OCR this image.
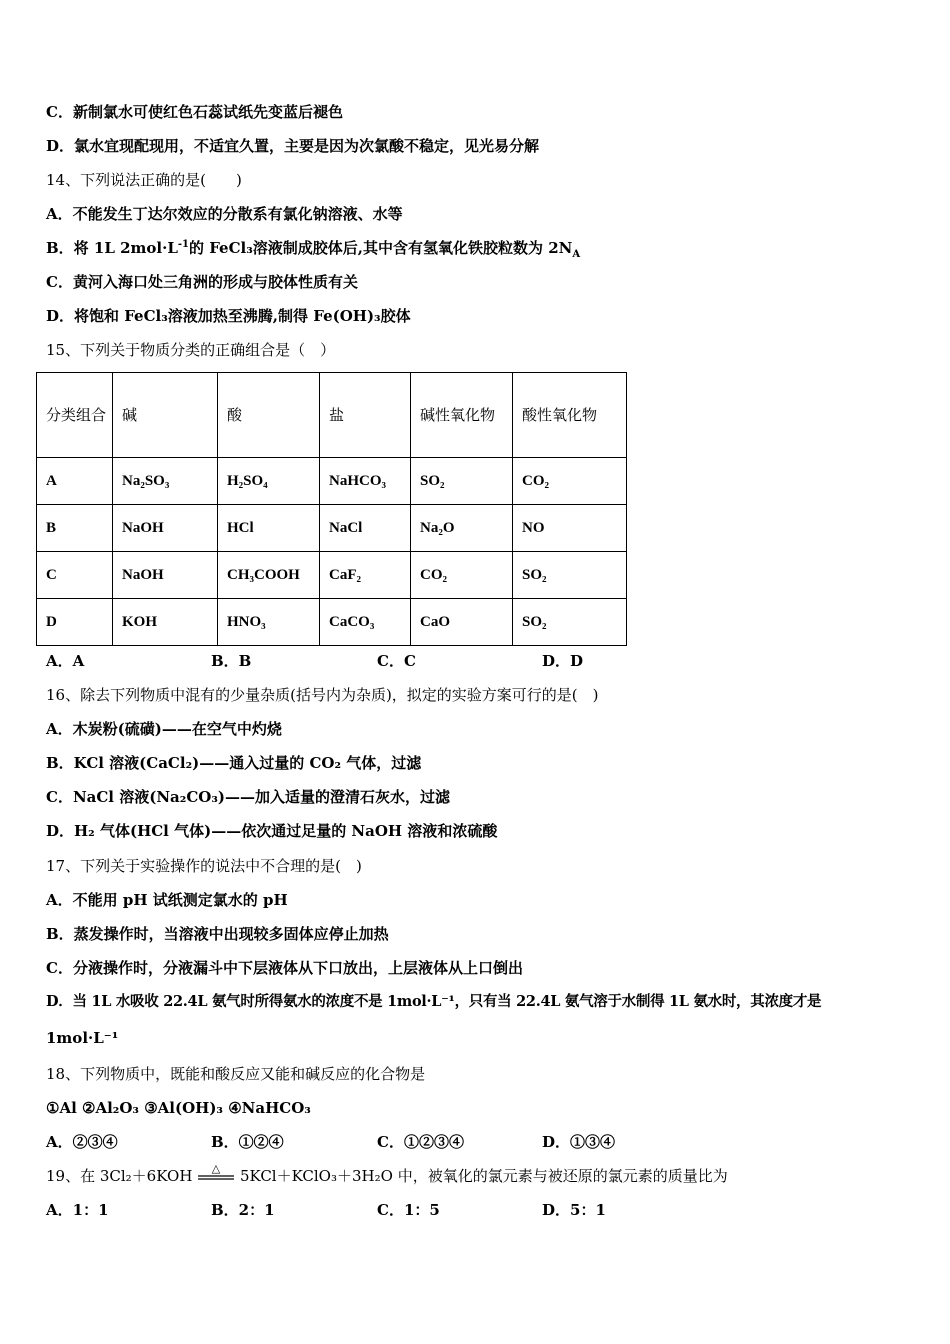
C．新制氯水可使红色石蕊试纸先变蓝后褪色
D．氯水宜现配现用，不适宜久置，主要是因为次氯酸不稳定，见光易分解
14、下列说法正确的是(　　)
A．不能发生丁达尔效应的分散系有氯化钠溶液、水等
B．将 1L $2mol\cdot L^{-1}$的 FeCl₃溶液制成胶体后,其中含有氢氧化铁胶粒数为 $2N_A$
C．黄河入海口处三角洲的形成与胶体性质有关
D．将饱和 FeCl₃溶液加热至沸腾,制得 Fe(OH)₃胶体
15、下列关于物质分类的正确组合是（　）
分类组合	碱	酸	盐	碱性氧化物	酸性氧化物
A	Na₂SO₃	H₂SO₄	NaHCO₃	SO₂	CO₂
B	NaOH	HCl	NaCl	Na₂O	NO
C	NaOH	CH₃COOH	CaF₂	CO₂	SO₂
D	KOH	HNO₃	CaCO₃	CaO	SO₂
A．A	B．B	C．C	D．D
16、除去下列物质中混有的少量杂质(括号内为杂质)，拟定的实验方案可行的是(　)
A．木炭粉(硫磺)——在空气中灼烧
B．KCl 溶液(CaCl₂)——通入过量的 CO₂ 气体，过滤
C．NaCl 溶液(Na₂CO₃)——加入适量的澄清石灰水，过滤
D．H₂ 气体(HCl 气体)——依次通过足量的 NaOH 溶液和浓硫酸
17、下列关于实验操作的说法中不合理的是(　)
A．不能用 pH 试纸测定氯水的 pH
B．蒸发操作时，当溶液中出现较多固体应停止加热
C．分液操作时，分液漏斗中下层液体从下口放出，上层液体从上口倒出
D．当 1L 水吸收 22.4L 氨气时所得氨水的浓度不是 1mol·L⁻¹，只有当 22.4L 氨气溶于水制得 1L 氨水时，其浓度才是
1mol·L⁻¹
18、下列物质中，既能和酸反应又能和碱反应的化合物是
①Al ②Al₂O₃ ③Al(OH)₃ ④NaHCO₃
A．②③④	B．①②④	C．①②③④	D．①③④
19、在 3Cl₂＋6KOH △ 5KCl＋KClO₃＋3H₂O 中，被氧化的氯元素与被还原的氯元素的质量比为
A．1：1	B．2：1	C．1：5	D．5：1
